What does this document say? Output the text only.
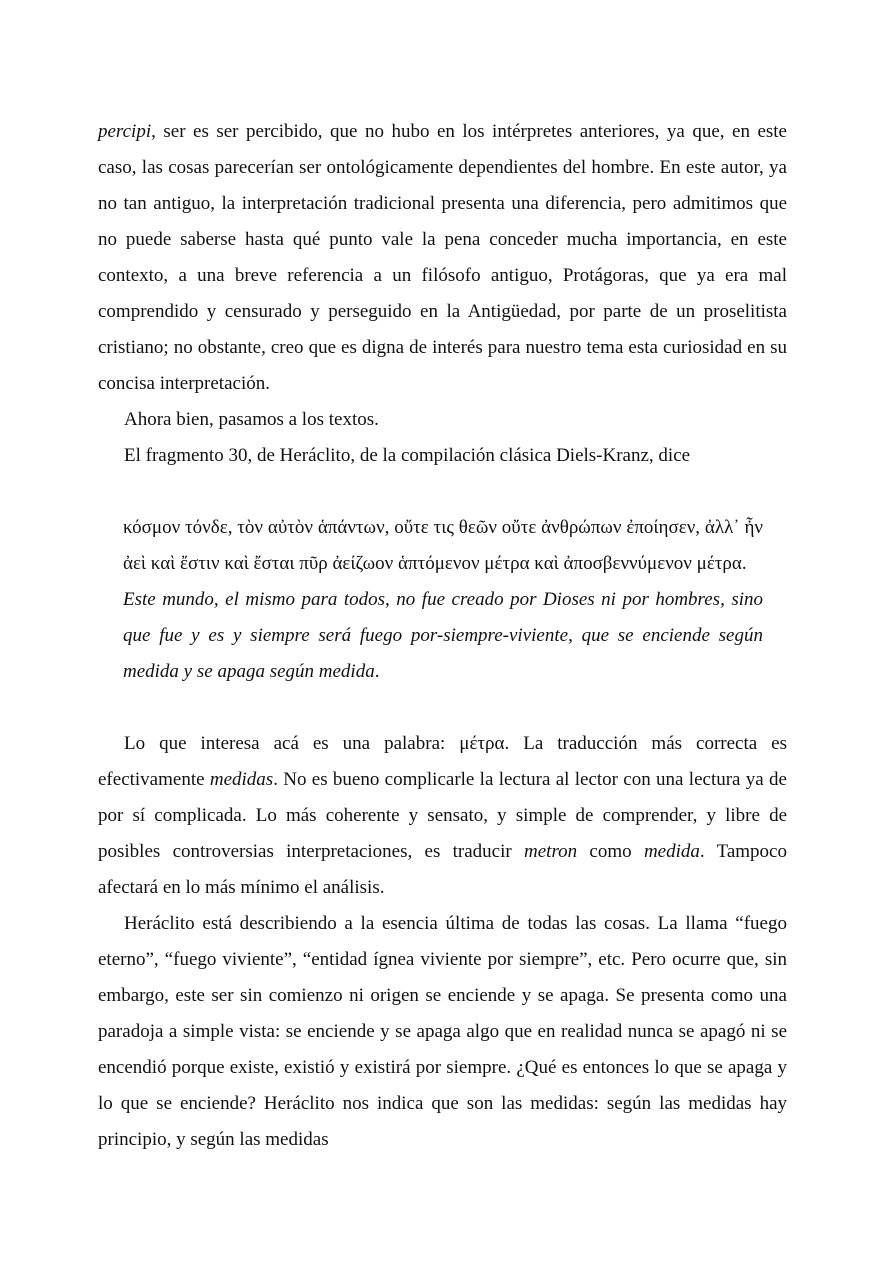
percipi, ser es ser percibido, que no hubo en los intérpretes anteriores, ya que, en este caso, las cosas parecerían ser ontológicamente dependientes del hombre. En este autor, ya no tan antiguo, la interpretación tradicional presenta una diferencia, pero admitimos que no puede saberse hasta qué punto vale la pena conceder mucha importancia, en este contexto, a una breve referencia a un filósofo antiguo, Protágoras, que ya era mal comprendido y censurado y perseguido en la Antigüedad, por parte de un proselitista cristiano; no obstante, creo que es digna de interés para nuestro tema esta curiosidad en su concisa interpretación.

Ahora bien, pasamos a los textos.

El fragmento 30, de Heráclito, de la compilación clásica Diels-Kranz, dice

κόσμον τόνδε, τὸν αὐτὸν ἁπάντων, οὔτε τις θεῶν οὔτε ἀνθρώπων ἐποίησεν, ἀλλ᾽ ἦν ἀεὶ καὶ ἔστιν καὶ ἔσται πῦρ ἀείζωον ἁπτόμενον μέτρα καὶ ἀποσβεννύμενον μέτρα.

Este mundo, el mismo para todos, no fue creado por Dioses ni por hombres, sino que fue y es y siempre será fuego por-siempre-viviente, que se enciende según medida y se apaga según medida.

Lo que interesa acá es una palabra: μέτρα. La traducción más correcta es efectivamente medidas. No es bueno complicarle la lectura al lector con una lectura ya de por sí complicada. Lo más coherente y sensato, y simple de comprender, y libre de posibles controversias interpretaciones, es traducir metron como medida. Tampoco afectará en lo más mínimo el análisis.

Heráclito está describiendo a la esencia última de todas las cosas. La llama “fuego eterno”, “fuego viviente”, “entidad ígnea viviente por siempre”, etc. Pero ocurre que, sin embargo, este ser sin comienzo ni origen se enciende y se apaga. Se presenta como una paradoja a simple vista: se enciende y se apaga algo que en realidad nunca se apagó ni se encendió porque existe, existió y existirá por siempre. ¿Qué es entonces lo que se apaga y lo que se enciende? Heráclito nos indica que son las medidas: según las medidas hay principio, y según las medidas
